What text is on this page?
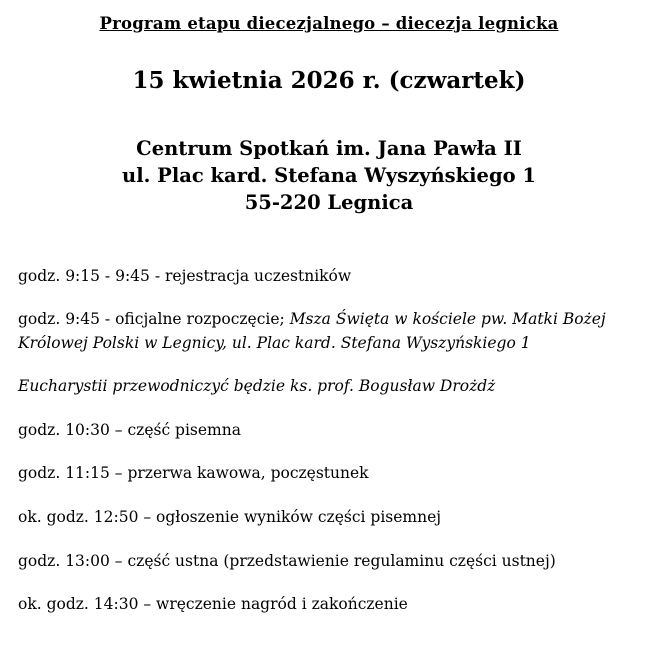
Program etapu diecezjalnego – diecezja legnicka
15 kwietnia 2026 r. (czwartek)
Centrum Spotkań im. Jana Pawła II
ul. Plac kard. Stefana Wyszyńskiego 1
55-220 Legnica

godz. 9:15 - 9:45 - rejestracja uczestników

godz. 9:45 - oficjalne rozpoczęcie; Msza Święta w kościele pw. Matki Bożej Królowej Polski w Legnicy, ul. Plac kard. Stefana Wyszyńskiego 1

Eucharystii przewodniczyć będzie ks. prof. Bogusław Drożdż

godz. 10:30 – część pisemna

godz. 11:15 – przerwa kawowa, poczęstunek

ok. godz. 12:50 – ogłoszenie wyników części pisemnej

godz. 13:00 – część ustna (przedstawienie regulaminu części ustnej)

ok. godz. 14:30 – wręczenie nagród i zakończenie
